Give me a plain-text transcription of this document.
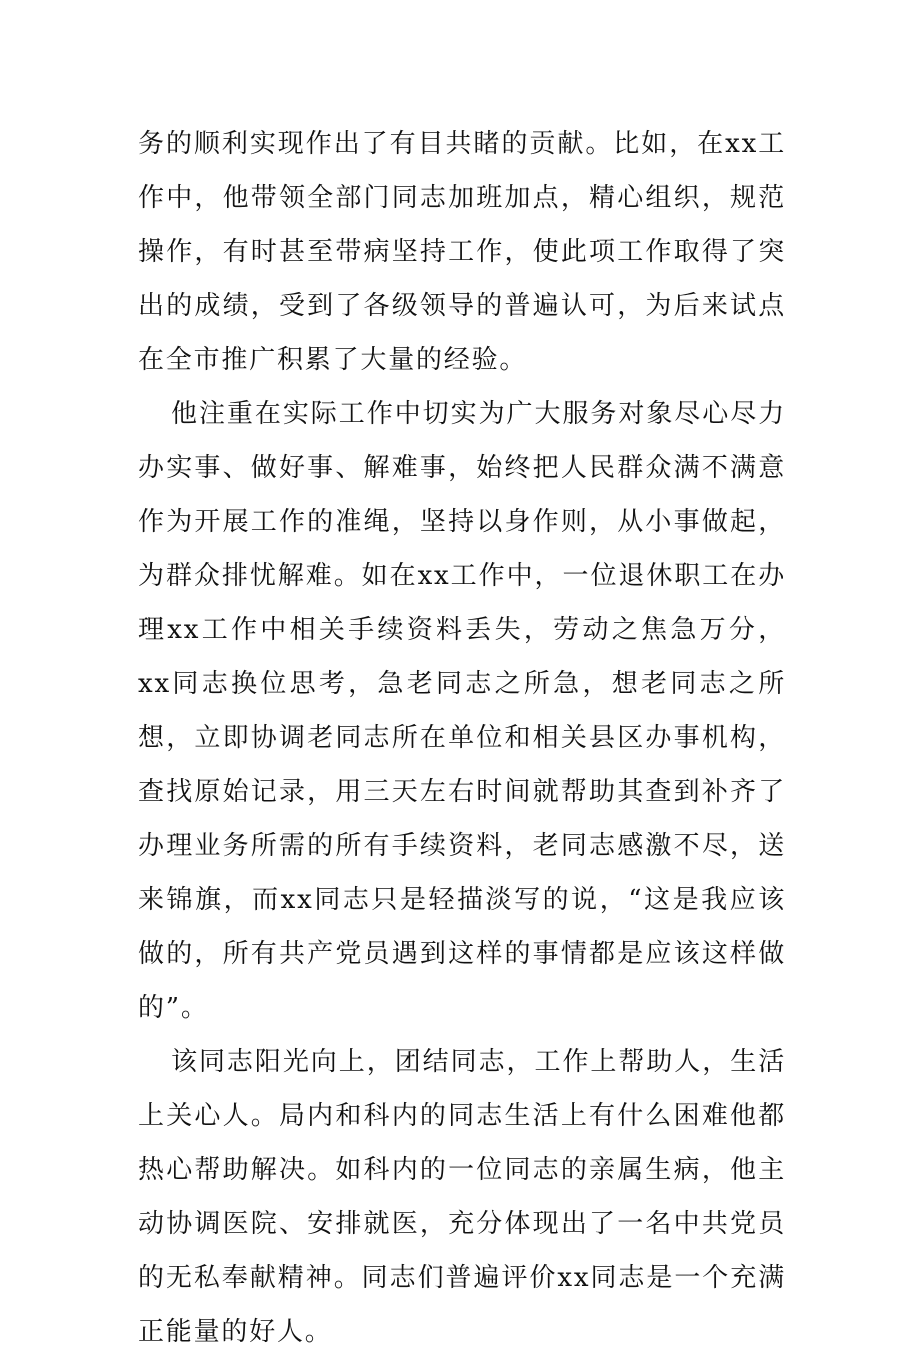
务的顺利实现作出了有目共睹的贡献。比如，在xx工作中，他带领全部门同志加班加点，精心组织，规范操作，有时甚至带病坚持工作，使此项工作取得了突出的成绩，受到了各级领导的普遍认可，为后来试点在全市推广积累了大量的经验。

他注重在实际工作中切实为广大服务对象尽心尽力办实事、做好事、解难事，始终把人民群众满不满意作为开展工作的准绳，坚持以身作则，从小事做起，为群众排忧解难。如在xx工作中，一位退休职工在办理xx工作中相关手续资料丢失，劳动之焦急万分，xx同志换位思考，急老同志之所急，想老同志之所想，立即协调老同志所在单位和相关县区办事机构，查找原始记录，用三天左右时间就帮助其查到补齐了办理业务所需的所有手续资料，老同志感激不尽，送来锦旗，而xx同志只是轻描淡写的说，“这是我应该做的，所有共产党员遇到这样的事情都是应该这样做的”。

该同志阳光向上，团结同志，工作上帮助人，生活上关心人。局内和科内的同志生活上有什么困难他都热心帮助解决。如科内的一位同志的亲属生病，他主动协调医院、安排就医，充分体现出了一名中共党员的无私奉献精神。同志们普遍评价xx同志是一个充满正能量的好人。
